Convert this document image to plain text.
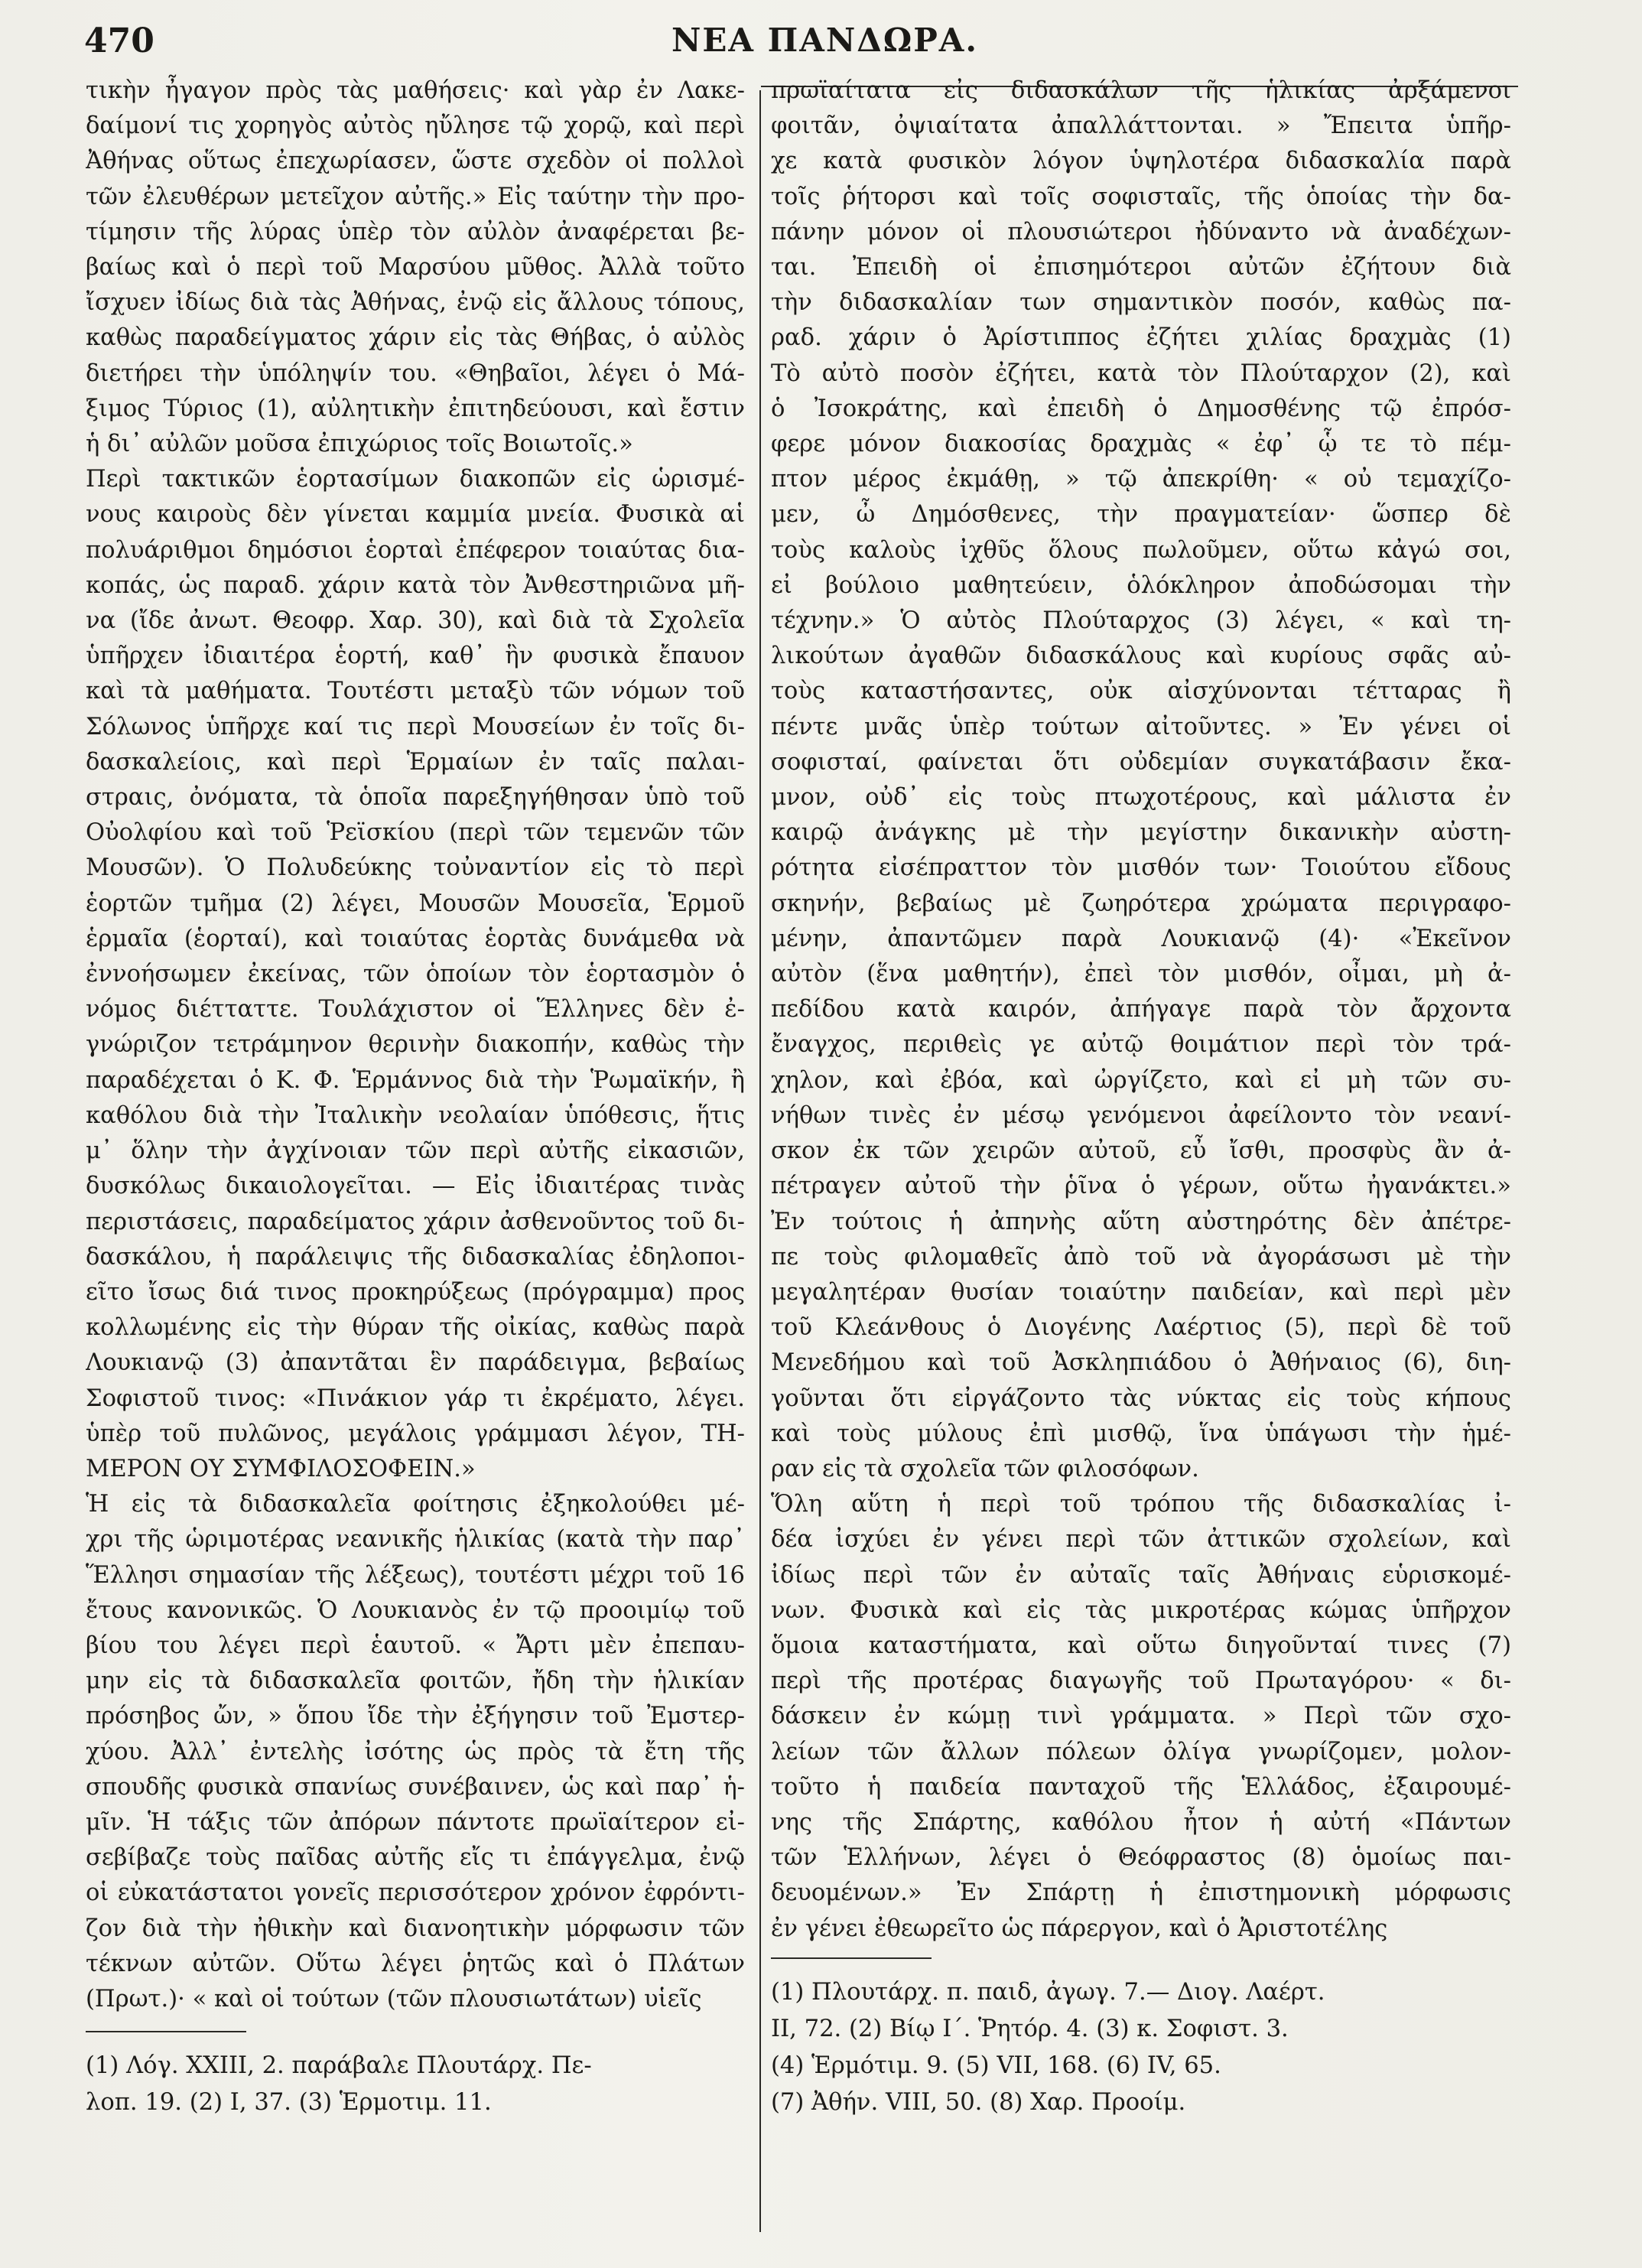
470	ΝΕΑ ΠΑΝΔΩΡΑ.
τικὴν ἦγαγον πρὸς τὰς μαθήσεις· καὶ γὰρ ἐν Λακε-
δαίμονί τις χορηγὸς αὐτὸς ηὔλησε τῷ χορῷ, καὶ περὶ
Ἀθήνας οὕτως ἐπεχωρίασεν, ὥστε σχεδὸν οἱ πολλοὶ
τῶν ἐλευθέρων μετεῖχον αὐτῆς.» Εἰς ταύτην τὴν προ-
τίμησιν τῆς λύρας ὑπὲρ τὸν αὐλὸν ἀναφέρεται βε-
βαίως καὶ ὁ περὶ τοῦ Μαρσύου μῦθος. Ἀλλὰ τοῦτο
ἴσχυεν ἰδίως διὰ τὰς Ἀθήνας, ἐνῷ εἰς ἄλλους τόπους,
καθὼς παραδείγματος χάριν εἰς τὰς Θήβας, ὁ αὐλὸς
διετήρει τὴν ὑπόληψίν του. «Θηβαῖοι, λέγει ὁ Μά-
ξιμος Τύριος (1), αὐλητικὴν ἐπιτηδεύουσι, καὶ ἔστιν
ἡ δι᾽ αὐλῶν μοῦσα ἐπιχώριος τοῖς Βοιωτοῖς.»
Περὶ τακτικῶν ἑορτασίμων διακοπῶν εἰς ὡρισμέ-
νους καιροὺς δὲν γίνεται καμμία μνεία. Φυσικὰ αἱ
πολυάριθμοι δημόσιοι ἑορταὶ ἐπέφερον τοιαύτας δια-
κοπάς, ὡς παραδ. χάριν κατὰ τὸν Ἀνθεστηριῶνα μῆ-
να (ἴδε ἀνωτ. Θεοφρ. Χαρ. 30), καὶ διὰ τὰ Σχολεῖα
ὑπῆρχεν ἰδιαιτέρα ἑορτή, καθ᾽ ἣν φυσικὰ ἔπαυον
καὶ τὰ μαθήματα. Τουτέστι μεταξὺ τῶν νόμων τοῦ
Σόλωνος ὑπῆρχε καί τις περὶ Μουσείων ἐν τοῖς δι-
δασκαλείοις, καὶ περὶ Ἑρμαίων ἐν ταῖς παλαι-
στραις, ὀνόματα, τὰ ὁποῖα παρεξηγήθησαν ὑπὸ τοῦ
Οὐολφίου καὶ τοῦ Ῥεϊσκίου (περὶ τῶν τεμενῶν τῶν
Μουσῶν). Ὁ Πολυδεύκης τοὐναντίον εἰς τὸ περὶ
ἑορτῶν τμῆμα (2) λέγει, Μουσῶν Μουσεῖα, Ἑρμοῦ
ἑρμαῖα (ἑορταί), καὶ τοιαύτας ἑορτὰς δυνάμεθα νὰ
ἐννοήσωμεν ἐκείνας, τῶν ὁποίων τὸν ἑορτασμὸν ὁ
νόμος διέτταττε. Τουλάχιστον οἱ Ἕλληνες δὲν ἐ-
γνώριζον τετράμηνον θερινὴν διακοπήν, καθὼς τὴν
παραδέχεται ὁ Κ. Φ. Ἑρμάννος διὰ τὴν Ῥωμαϊκήν, ἢ
καθόλου διὰ τὴν Ἰταλικὴν νεολαίαν ὑπόθεσις, ἥτις
μ᾽ ὅλην τὴν ἀγχίνοιαν τῶν περὶ αὐτῆς εἰκασιῶν,
δυσκόλως δικαιολογεῖται. — Εἰς ἰδιαιτέρας τινὰς
περιστάσεις, παραδείματος χάριν ἀσθενοῦντος τοῦ δι-
δασκάλου, ἡ παράλειψις τῆς διδασκαλίας ἐδηλοποι-
εῖτο ἴσως διά τινος προκηρύξεως (πρόγραμμα) προς
κολλωμένης εἰς τὴν θύραν τῆς οἰκίας, καθὼς παρὰ
Λουκιανῷ (3) ἀπαντᾶται ἓν παράδειγμα, βεβαίως
Σοφιστοῦ τινος: «Πινάκιον γάρ τι ἐκρέματο, λέγει.
ὑπὲρ τοῦ πυλῶνος, μεγάλοις γράμμασι λέγον, ΤΗ-
ΜΕΡΟΝ ΟΥ ΣΥΜΦΙΛΟΣΟΦΕΙΝ.»
Ἡ εἰς τὰ διδασκαλεῖα φοίτησις ἐξηκολούθει μέ-
χρι τῆς ὡριμοτέρας νεανικῆς ἡλικίας (κατὰ τὴν παρ᾽
Ἕλλησι σημασίαν τῆς λέξεως), τουτέστι μέχρι τοῦ 16
ἔτους κανονικῶς. Ὁ Λουκιανὸς ἐν τῷ προοιμίῳ τοῦ
βίου του λέγει περὶ ἑαυτοῦ. « Ἄρτι μὲν ἐπεπαυ-
μην εἰς τὰ διδασκαλεῖα φοιτῶν, ἤδη τὴν ἡλικίαν
πρόσηβος ὤν, » ὅπου ἴδε τὴν ἐξήγησιν τοῦ Ἐμστερ-
χύου. Ἀλλ᾽ ἐντελὴς ἰσότης ὡς πρὸς τὰ ἔτη τῆς
σπουδῆς φυσικὰ σπανίως συνέβαινεν, ὡς καὶ παρ᾽ ἡ-
μῖν. Ἡ τάξις τῶν ἀπόρων πάντοτε πρωϊαίτερον εἰ-
σεβίβαζε τοὺς παῖδας αὐτῆς εἴς τι ἐπάγγελμα, ἐνῷ
οἱ εὐκατάστατοι γονεῖς περισσότερον χρόνον ἐφρόντι-
ζον διὰ τὴν ἠθικὴν καὶ διανοητικὴν μόρφωσιν τῶν
τέκνων αὐτῶν. Οὕτω λέγει ῥητῶς καὶ ὁ Πλάτων
(Πρωτ.)· « καὶ οἱ τούτων (τῶν πλουσιωτάτων) υἱεῖς
(1) Λόγ. XXIII, 2. παράβαλε Πλουτάρχ. Πε-
λοπ. 19. (2) Ι, 37. (3) Ἑρμοτιμ. 11.
πρωϊαίτατα εἰς διδασκάλων τῆς ἡλικίας ἀρξάμενοι
φοιτᾶν, ὀψιαίτατα ἀπαλλάττονται. » Ἔπειτα ὑπῆρ-
χε κατὰ φυσικὸν λόγον ὑψηλοτέρα διδασκαλία παρὰ
τοῖς ῥήτορσι καὶ τοῖς σοφισταῖς, τῆς ὁποίας τὴν δα-
πάνην μόνον οἱ πλουσιώτεροι ἠδύναντο νὰ ἀναδέχων-
ται. Ἐπειδὴ οἱ ἐπισημότεροι αὐτῶν ἐζήτουν διὰ
τὴν διδασκαλίαν των σημαντικὸν ποσόν, καθὼς πα-
ραδ. χάριν ὁ Ἀρίστιππος ἐζήτει χιλίας δραχμὰς (1)
Τὸ αὐτὸ ποσὸν ἐζήτει, κατὰ τὸν Πλούταρχον (2), καὶ
ὁ Ἰσοκράτης, καὶ ἐπειδὴ ὁ Δημοσθένης τῷ ἐπρόσ-
φερε μόνον διακοσίας δραχμὰς « ἐφ᾽ ᾧ τε τὸ πέμ-
πτον μέρος ἐκμάθῃ, » τῷ ἀπεκρίθη· « οὐ τεμαχίζο-
μεν, ὦ Δημόσθενες, τὴν πραγματείαν· ὥσπερ δὲ
τοὺς καλοὺς ἰχθῦς ὅλους πωλοῦμεν, οὕτω κἀγώ σοι,
εἰ βούλοιο μαθητεύειν, ὁλόκληρον ἀποδώσομαι τὴν
τέχνην.» Ὁ αὐτὸς Πλούταρχος (3) λέγει, « καὶ τη-
λικούτων ἀγαθῶν διδασκάλους καὶ κυρίους σφᾶς αὐ-
τοὺς καταστήσαντες, οὐκ αἰσχύνονται τέτταρας ἢ
πέντε μνᾶς ὑπὲρ τούτων αἰτοῦντες. » Ἐν γένει οἱ
σοφισταί, φαίνεται ὅτι οὐδεμίαν συγκατάβασιν ἔκα-
μνον, οὐδ᾽ εἰς τοὺς πτωχοτέρους, καὶ μάλιστα ἐν
καιρῷ ἀνάγκης μὲ τὴν μεγίστην δικανικὴν αὐστη-
ρότητα εἰσέπραττον τὸν μισθόν των· Τοιούτου εἴδους
σκηνήν, βεβαίως μὲ ζωηρότερα χρώματα περιγραφο-
μένην, ἀπαντῶμεν παρὰ Λουκιανῷ (4)· «Ἐκεῖνον
αὐτὸν (ἕνα μαθητήν), ἐπεὶ τὸν μισθόν, οἶμαι, μὴ ἀ-
πεδίδου κατὰ καιρόν, ἀπήγαγε παρὰ τὸν ἄρχοντα
ἔναγχος, περιθεὶς γε αὐτῷ θοιμάτιον περὶ τὸν τρά-
χηλον, καὶ ἐβόα, καὶ ὠργίζετο, καὶ εἰ μὴ τῶν συ-
νήθων τινὲς ἐν μέσῳ γενόμενοι ἀφείλοντο τὸν νεανί-
σκον ἐκ τῶν χειρῶν αὐτοῦ, εὖ ἴσθι, προσφὺς ἂν ἀ-
πέτραγεν αὐτοῦ τὴν ῥῖνα ὁ γέρων, οὕτω ἠγανάκτει.»
Ἐν τούτοις ἡ ἀπηνὴς αὕτη αὐστηρότης δὲν ἀπέτρε-
πε τοὺς φιλομαθεῖς ἀπὸ τοῦ νὰ ἀγοράσωσι μὲ τὴν
μεγαλητέραν θυσίαν τοιαύτην παιδείαν, καὶ περὶ μὲν
τοῦ Κλεάνθους ὁ Διογένης Λαέρτιος (5), περὶ δὲ τοῦ
Μενεδήμου καὶ τοῦ Ἀσκληπιάδου ὁ Ἀθήναιος (6), διη-
γοῦνται ὅτι εἰργάζοντο τὰς νύκτας εἰς τοὺς κήπους
καὶ τοὺς μύλους ἐπὶ μισθῷ, ἵνα ὑπάγωσι τὴν ἡμέ-
ραν εἰς τὰ σχολεῖα τῶν φιλοσόφων.
Ὅλη αὕτη ἡ περὶ τοῦ τρόπου τῆς διδασκαλίας ἰ-
δέα ἰσχύει ἐν γένει περὶ τῶν ἀττικῶν σχολείων, καὶ
ἰδίως περὶ τῶν ἐν αὐταῖς ταῖς Ἀθήναις εὑρισκομέ-
νων. Φυσικὰ καὶ εἰς τὰς μικροτέρας κώμας ὑπῆρχον
ὅμοια καταστήματα, καὶ οὕτω διηγοῦνταί τινες (7)
περὶ τῆς προτέρας διαγωγῆς τοῦ Πρωταγόρου· « δι-
δάσκειν ἐν κώμῃ τινὶ γράμματα. » Περὶ τῶν σχο-
λείων τῶν ἄλλων πόλεων ὀλίγα γνωρίζομεν, μολον-
τοῦτο ἡ παιδεία πανταχοῦ τῆς Ἑλλάδος, ἐξαιρουμέ-
νης τῆς Σπάρτης, καθόλου ἦτον ἡ αὐτή «Πάντων
τῶν Ἑλλήνων, λέγει ὁ Θεόφραστος (8) ὁμοίως παι-
δευομένων.» Ἐν Σπάρτῃ ἡ ἐπιστημονικὴ μόρφωσις
ἐν γένει ἐθεωρεῖτο ὡς πάρεργον, καὶ ὁ Ἀριστοτέλης
(1) Πλουτάρχ. π. παιδ, ἀγωγ. 7.— Διογ. Λαέρτ.
II, 72. (2) Βίῳ Ι΄. Ῥητόρ. 4. (3) κ. Σοφιστ. 3.
(4) Ἑρμότιμ. 9. (5) VII, 168. (6) IV, 65.
(7) Ἀθήν. VIII, 50. (8) Χαρ. Προοίμ.
